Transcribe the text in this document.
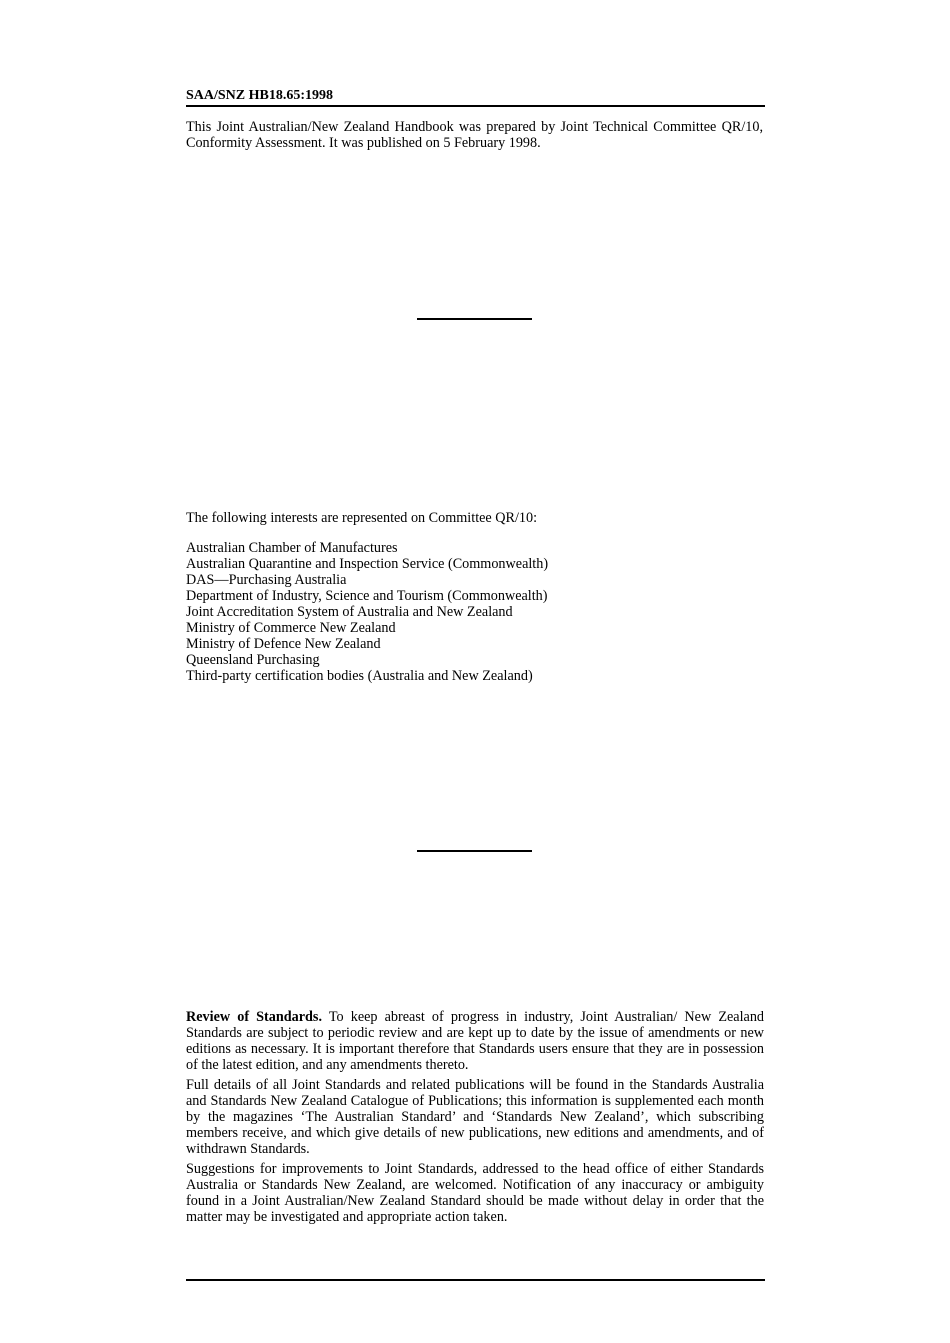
SAA/SNZ HB18.65:1998

This Joint Australian/New Zealand Handbook was prepared by Joint Technical Committee QR/10, Conformity Assessment. It was published on 5 February 1998.

The following interests are represented on Committee QR/10:

Australian Chamber of Manufactures
Australian Quarantine and Inspection Service (Commonwealth)
DAS—Purchasing Australia
Department of Industry, Science and Tourism (Commonwealth)
Joint Accreditation System of Australia and New Zealand
Ministry of Commerce New Zealand
Ministry of Defence New Zealand
Queensland Purchasing
Third-party certification bodies (Australia and New Zealand)

Review of Standards. To keep abreast of progress in industry, Joint Australian/ New Zealand Standards are subject to periodic review and are kept up to date by the issue of amendments or new editions as necessary. It is important therefore that Standards users ensure that they are in possession of the latest edition, and any amendments thereto.

Full details of all Joint Standards and related publications will be found in the Standards Australia and Standards New Zealand Catalogue of Publications; this information is supplemented each month by the magazines ‘The Australian Standard’ and ‘Standards New Zealand’, which subscribing members receive, and which give details of new publications, new editions and amendments, and of withdrawn Standards.

Suggestions for improvements to Joint Standards, addressed to the head office of either Standards Australia or Standards New Zealand, are welcomed. Notification of any inaccuracy or ambiguity found in a Joint Australian/New Zealand Standard should be made without delay in order that the matter may be investigated and appropriate action taken.
